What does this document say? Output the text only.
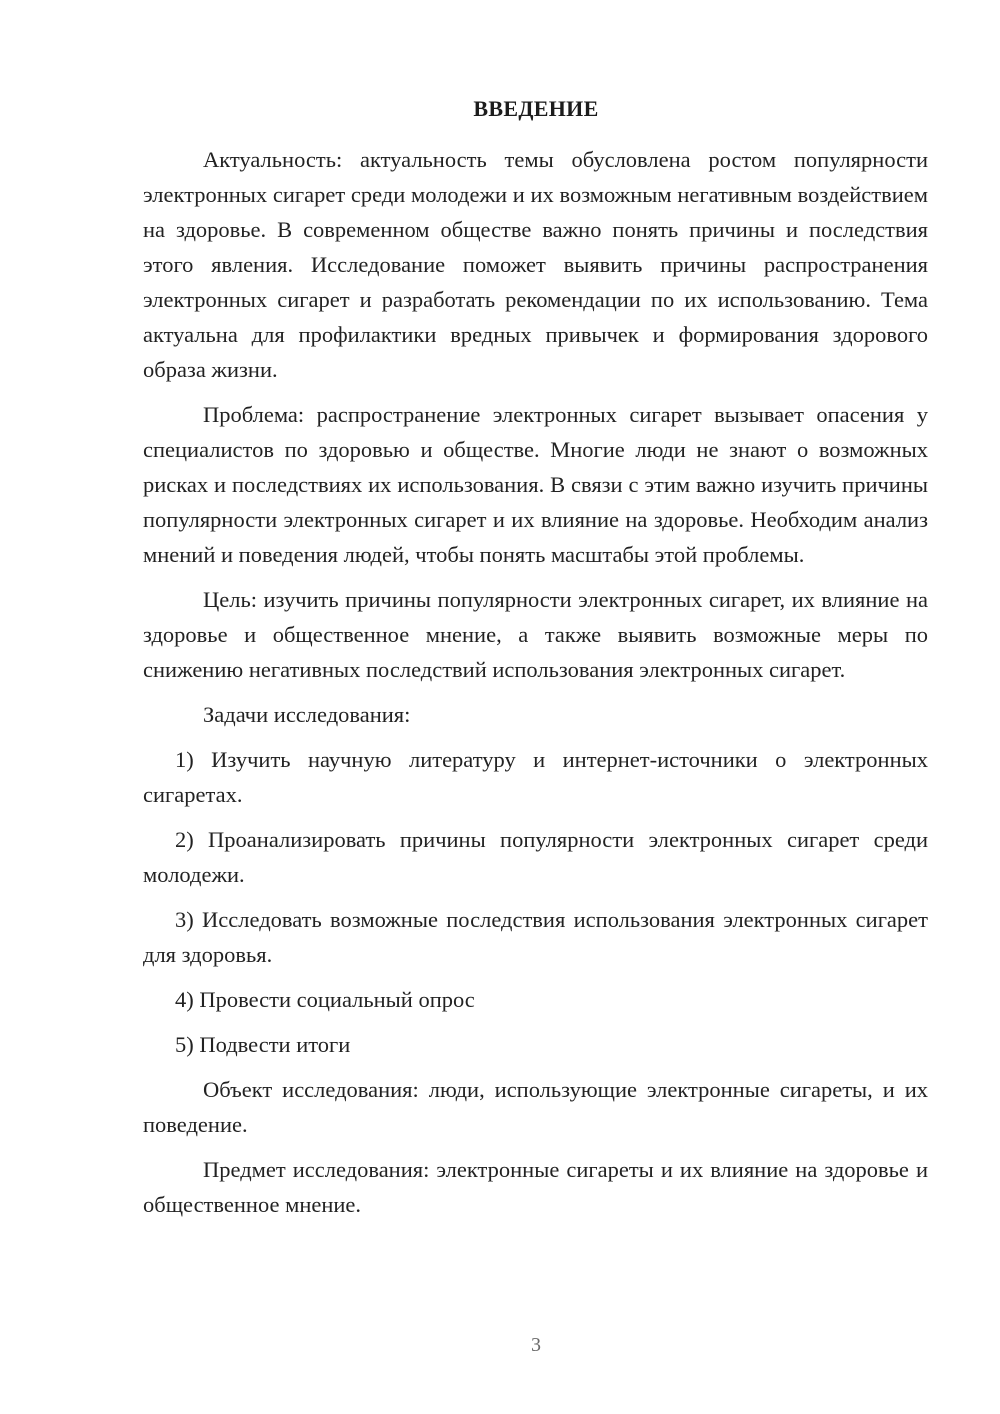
ВВЕДЕНИЕ

Актуальность: актуальность темы обусловлена ростом популярности электронных сигарет среди молодежи и их возможным негативным воздействием на здоровье. В современном обществе важно понять причины и последствия этого явления. Исследование поможет выявить причины распространения электронных сигарет и разработать рекомендации по их использованию. Тема актуальна для профилактики вредных привычек и формирования здорового образа жизни.

Проблема: распространение электронных сигарет вызывает опасения у специалистов по здоровью и обществе. Многие люди не знают о возможных рисках и последствиях их использования. В связи с этим важно изучить причины популярности электронных сигарет и их влияние на здоровье. Необходим анализ мнений и поведения людей, чтобы понять масштабы этой проблемы.

Цель: изучить причины популярности электронных сигарет, их влияние на здоровье и общественное мнение, а также выявить возможные меры по снижению негативных последствий использования электронных сигарет.

Задачи исследования:

1) Изучить научную литературу и интернет-источники о электронных сигаретах.

2) Проанализировать причины популярности электронных сигарет среди молодежи.

3) Исследовать возможные последствия использования электронных сигарет для здоровья.

4) Провести социальный опрос

5) Подвести итоги

Объект исследования: люди, использующие электронные сигареты, и их поведение.

Предмет исследования: электронные сигареты и их влияние на здоровье и общественное мнение.

3
